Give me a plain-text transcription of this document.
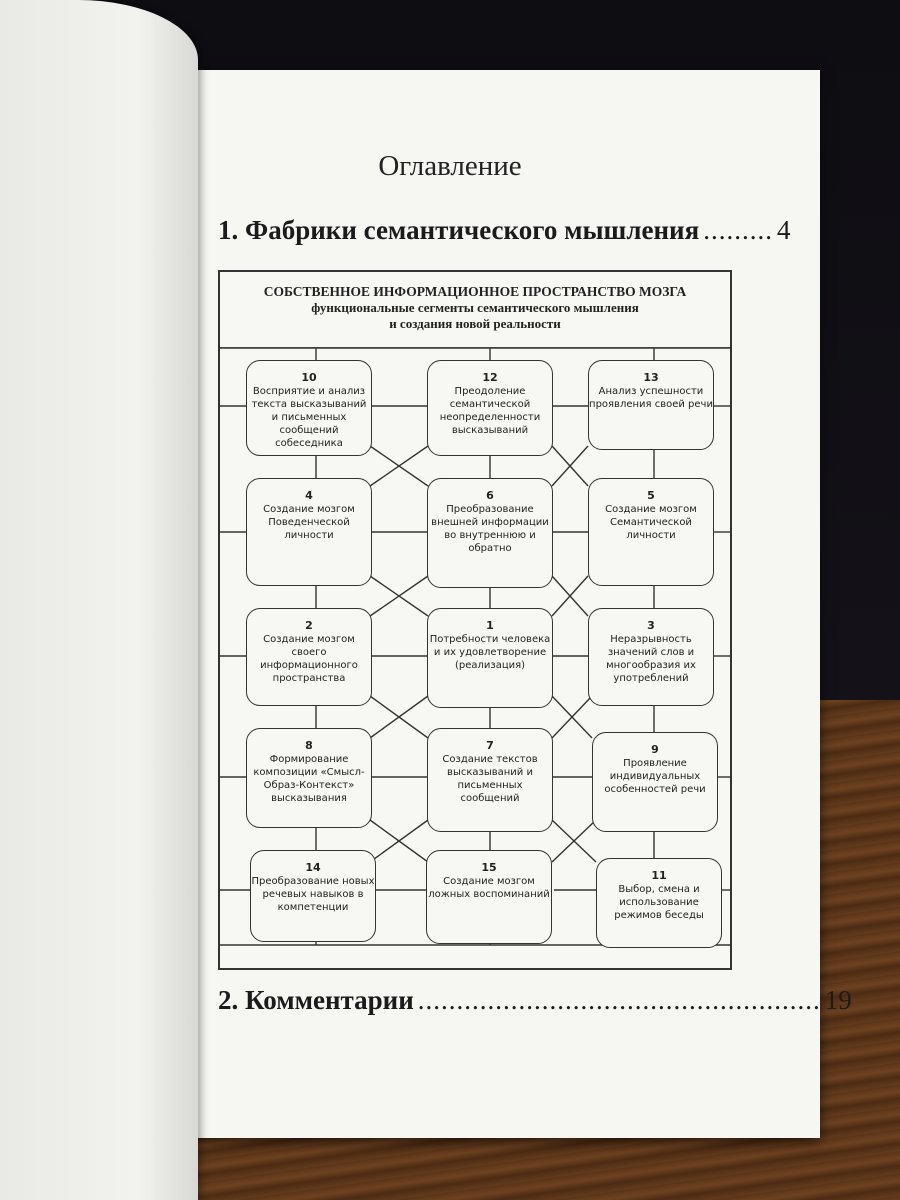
Оглавление
1. Фабрики семантического мышления ......... 4
СОБСТВЕННОЕ ИНФОРМАЦИОННОЕ ПРОСТРАНСТВО МОЗГА
функциональные сегменты семантического мышления
и создания новой реальности
10
Восприятие и анализ текста высказываний и письменных сообщений собеседника
12
Преодоление семантической неопределенности высказываний
13
Анализ успешности проявления своей речи
4
Создание мозгом Поведенческой личности
6
Преобразование внешней информации во внутреннюю и обратно
5
Создание мозгом Семантической личности
2
Создание мозгом своего информационного пространства
1
Потребности человека и их удовлетворение (реализация)
3
Неразрывность значений слов и многообразия их употреблений
8
Формирование композиции «Смысл-Образ-Контекст» высказывания
7
Создание текстов высказываний и письменных сообщений
9
Проявление индивидуальных особенностей речи
14
Преобразование новых речевых навыков в компетенции
15
Создание мозгом ложных воспоминаний
11
Выбор, смена и использование режимов беседы
2. Комментарии .................................................... 19
